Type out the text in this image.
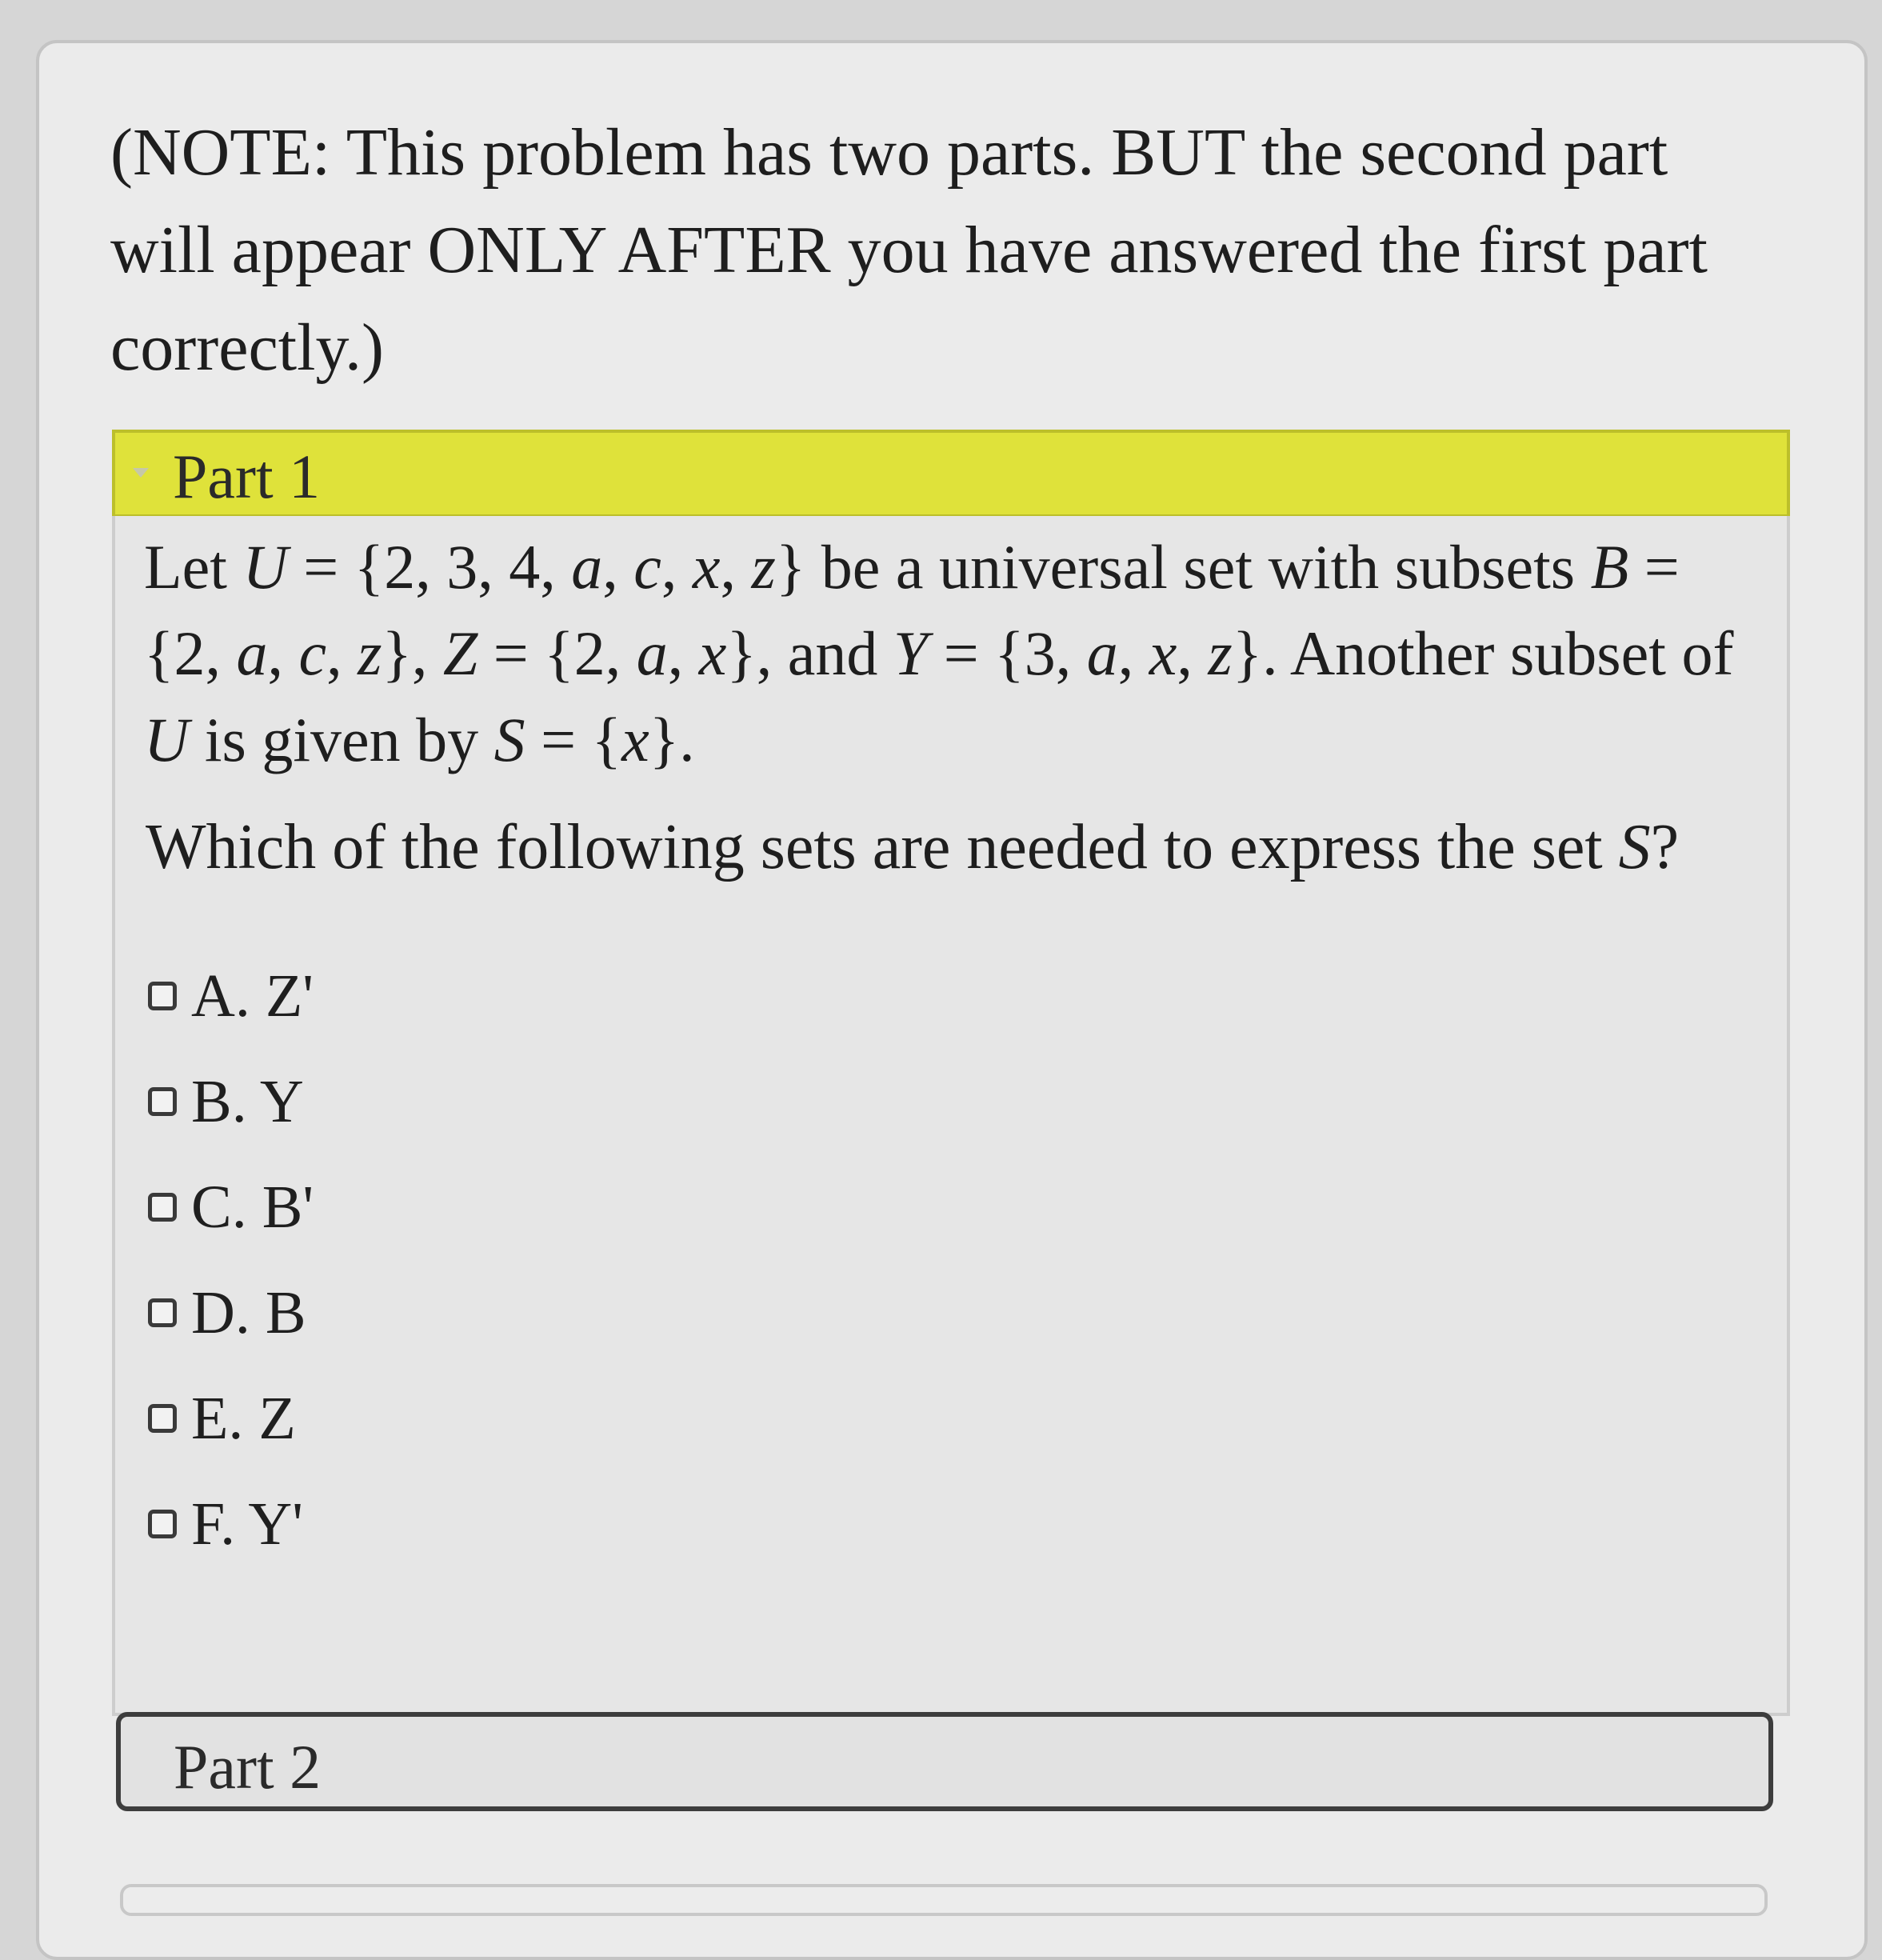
(NOTE: This problem has two parts. BUT the second part will appear ONLY AFTER you have answered the first part correctly.)

Part 1

Let U = {2, 3, 4, a, c, x, z} be a universal set with subsets B = {2, a, c, z}, Z = {2, a, x}, and Y = {3, a, x, z}. Another subset of U is given by S = {x}.

Which of the following sets are needed to express the set S?

A. Z'
B. Y
C. B'
D. B
E. Z
F. Y'
Part 2
